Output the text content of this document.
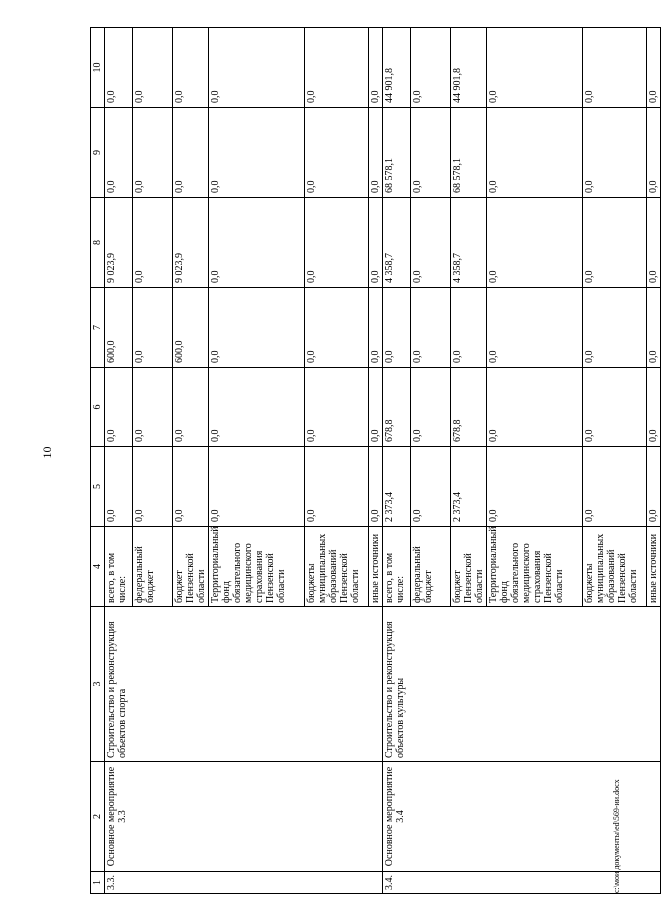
10
1	2	3	4	5	6	7	8	9	10
3.3.	Основное мероприятие 3.3	Строительство и реконструкция объектов спорта	всего, в том числе:	0,0	0,0	600,0	9 023,9	0,0	0,0
			федеральный бюджет	0,0	0,0	0,0	0,0	0,0	0,0
			бюджет Пензенской области	0,0	0,0	600,0	9 023,9	0,0	0,0
			Территориальный фонд обязательного медицинского страхования Пензенской области	0,0	0,0	0,0	0,0	0,0	0,0
			бюджеты муниципальных образований Пензенской области	0,0	0,0	0,0	0,0	0,0	0,0
			иные источники	0,0	0,0	0,0	0,0	0,0	0,0
3.4.	Основное мероприятие 3.4	Строительство и реконструкция объектов культуры	всего, в том числе:	2 373,4	678,8	0,0	4 358,7	68 578,1	44 901,8
			федеральный бюджет	0,0	0,0	0,0	0,0	0,0	0,0
			бюджет Пензенской области	2 373,4	678,8	0,0	4 358,7	68 578,1	44 901,8
			Территориальный фонд обязательного медицинского страхования Пензенской области	0,0	0,0	0,0	0,0	0,0	0,0
			бюджеты муниципальных образований Пензенской области	0,0	0,0	0,0	0,0	0,0	0,0
			иные источники	0,0	0,0	0,0	0,0	0,0	0,0
c:\мои документы\ed\569-ии.docx
